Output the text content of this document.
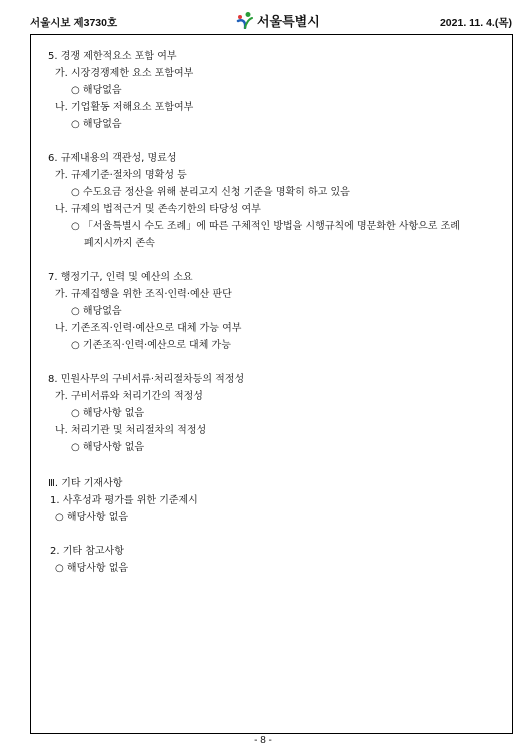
서울시보 제3730호	서울특별시	2021. 11. 4.(목)
5. 경쟁 제한적요소 포함 여부
가. 시장경쟁제한 요소 포함여부
○ 해당없음
나. 기업활동 저해요소 포함여부
○ 해당없음
6. 규제내용의 객관성, 명료성
가. 규제기준·절차의 명확성 등
○ 수도요금 정산을 위해 분리고지 신청 기준을 명확히 하고 있음
나. 규제의 법적근거 및 존속기한의 타당성 여부
○ 「서울특별시 수도 조례」에 따른 구체적인 방법을 시행규칙에 명문화한 사항으로 조례
폐지시까지 존속
7. 행정기구, 인력 및 예산의 소요
가. 규제집행을 위한 조직·인력·예산 판단
○ 해당없음
나. 기존조직·인력·예산으로 대체 가능 여부
○ 기존조직·인력·예산으로 대체 가능
8. 민원사무의 구비서류·처리절차등의 적정성
가. 구비서류와 처리기간의 적정성
○ 해당사항 없음
나. 처리기관 및 처리절차의 적정성
○ 해당사항 없음
Ⅲ. 기타 기재사항
1. 사후성과 평가를 위한 기준제시
○ 해당사항 없음
2. 기타 참고사항
○ 해당사항 없음
- 8 -
